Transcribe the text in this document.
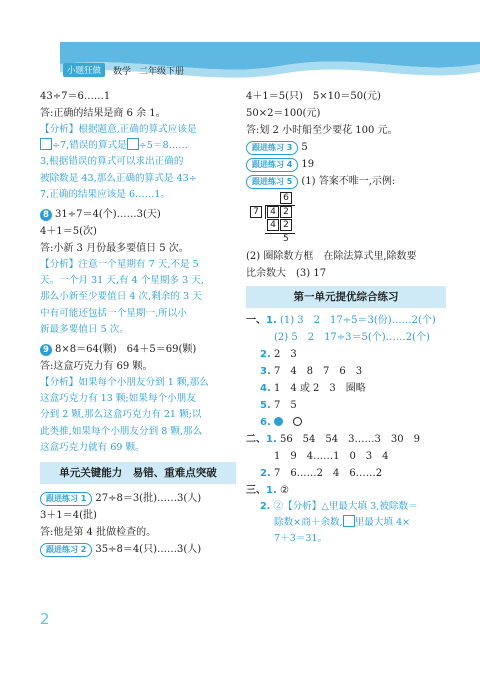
小题狂做	数学 二年级下册
43÷7＝6……1
答:正确的结果是商 6 余 1。
【分析】根据题意,正确的算式应该是
÷7,错误的算式是 ÷5＝8……
3,根据错误的算式可以求出正确的
被除数是 43,那么正确的算式是 43÷
7,正确的结果应该是 6……1。
8 31÷7＝4(个)……3(天)
4＋1＝5(次)
答:小新 3 月份最多要值日 5 次。
【分析】注意一个星期有 7 天,不是 5
天。一个月 31 天,有 4 个星期多 3 天,
那么小新至少要值日 4 次,剩余的 3 天
中有可能还包括一个星期一,所以小
新最多要值日 5 次。
9 8×8＝64(颗)　64＋5＝69(颗)
答:这盒巧克力有 69 颗。
【分析】如果每个小朋友分到 1 颗,那么
这盒巧克力有 13 颗;如果每个小朋友
分到 2 颗,那么这盒巧克力有 21 颗;以
此类推,如果每个小朋友分到 8 颗,那么
这盒巧克力就有 69 颗。
单元关键能力　易错、重难点突破
跟进练习 1 27÷8＝3(批)……3(人)
3＋1＝4(批)
答:他是第 4 批做检查的。
跟进练习 2 35÷8＝4(只)……3(人)
4＋1＝5(只)　5×10＝50(元)
50×2＝100(元)
答:划 2 小时船至少要花 100 元。
跟进练习 3 5
跟进练习 4 19
跟进练习 5 (1) 答案不唯一,示例:
6
7	4 2
4 2
5
(2) 圈除数方框　在除法算式里,除数要
比余数大　(3) 17
第一单元提优综合练习
一、1. (1) 3　2　17÷5＝3(份)……2(个)
(2) 5　2　17÷3＝5(个)……2(个)
2. 2　3
3. 7　4　8　7　6　3
4. 1　4 或 2　3　圈略
5. 7　5
6. 　
二、1. 56　54　54　3……3　30　9
1　9　4……1　0　3　4
2. 7　6……2　4　6……2
三、1. ②
2. ②【分析】△里最大填 3,被除数＝
除数×商＋余数, 里最大填 4×
7＋3＝31。
2
